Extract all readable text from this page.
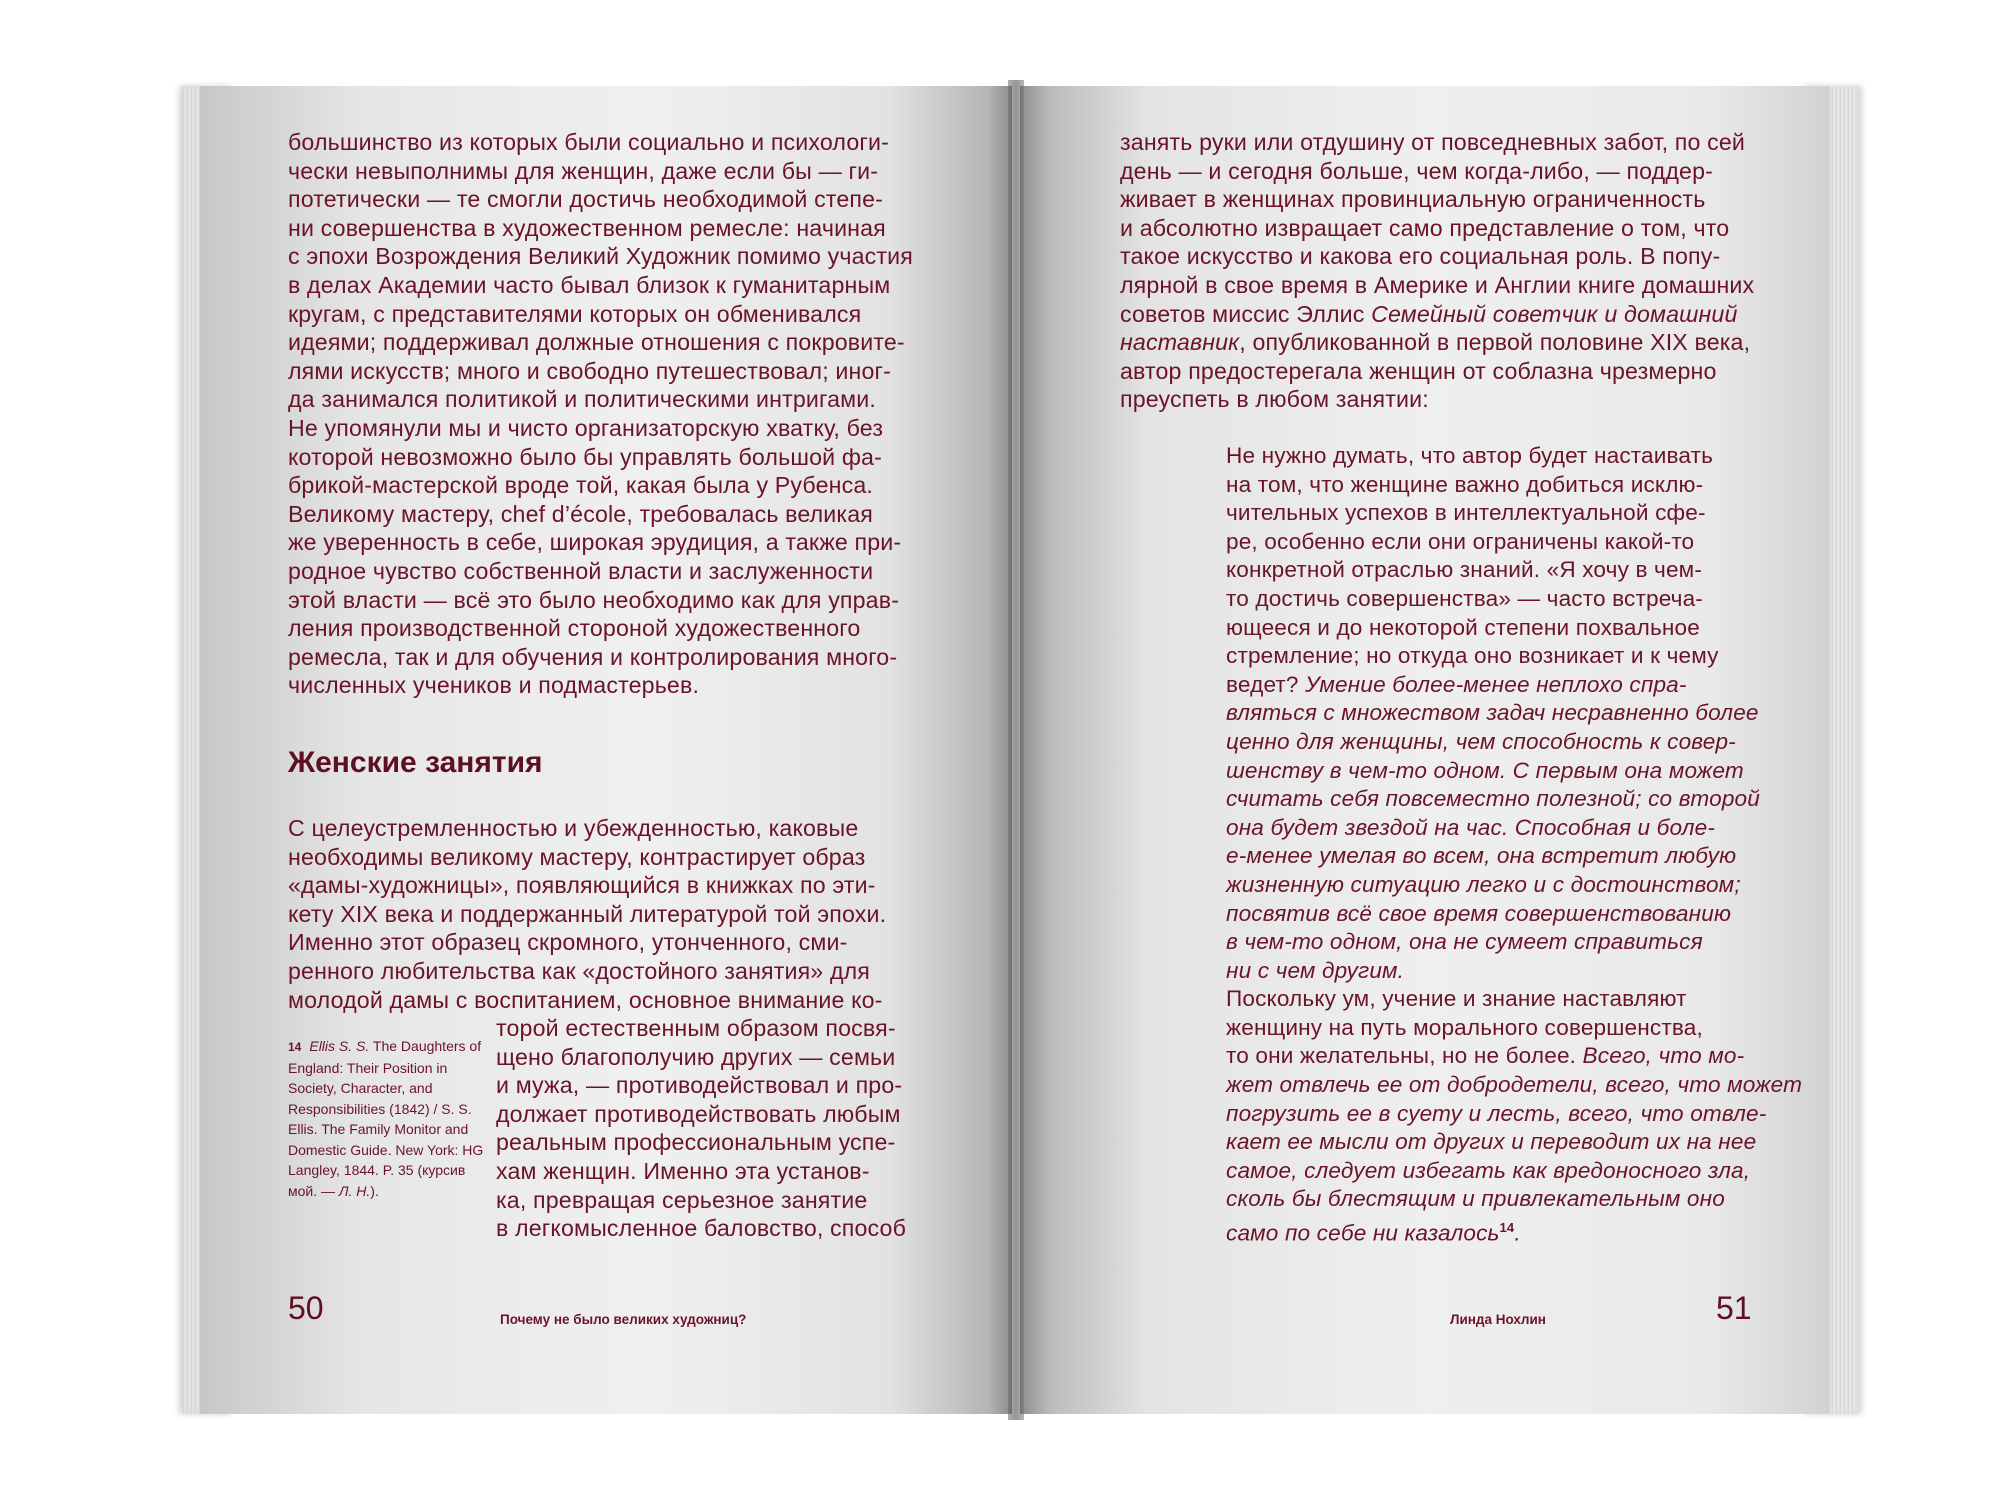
большинство из которых были социально и психологи-
чески невыполнимы для женщин, даже если бы — ги-
потетически — те смогли достичь необходимой степе-
ни совершенства в художественном ремесле: начиная
с эпохи Возрождения Великий Художник помимо участия
в делах Академии часто бывал близок к гуманитарным
кругам, с представителями которых он обменивался
идеями; поддерживал должные отношения с покровите-
лями искусств; много и свободно путешествовал; иног-
да занимался политикой и политическими интригами.
Не упомянули мы и чисто организаторскую хватку, без
которой невозможно было бы управлять большой фа-
брикой-мастерской вроде той, какая была у Рубенса.
Великому мастеру, chef d’école, требовалась великая
же уверенность в себе, широкая эрудиция, а также при-
родное чувство собственной власти и заслуженности
этой власти — всё это было необходимо как для управ-
ления производственной стороной художественного
ремесла, так и для обучения и контролирования много-
численных учеников и подмастерьев.

Женские занятия

С целеустремленностью и убежденностью, каковые
необходимы великому мастеру, контрастирует образ
«дамы-художницы», появляющийся в книжках по эти-
кету XIX века и поддержанный литературой той эпохи.
Именно этот образец скромного, утонченного, сми-
ренного любительства как «достойного занятия» для
молодой дамы с воспитанием, основное внимание ко-

14 Ellis S. S. The Daughters of England: Their Position in Society, Character, and Responsibilities (1842) / S. S. Ellis. The Family Monitor and Domestic Guide. New York: HG Langley, 1844. P. 35 (курсив мой. — Л. Н.).

торой естественным образом посвя-
щено благополучию других — семьи
и мужа, — противодействовал и про-
должает противодействовать любым
реальным профессиональным успе-
хам женщин. Именно эта установ-
ка, превращая серьезное занятие
в легкомысленное баловство, способ

50	Почему не было великих художниц?

занять руки или отдушину от повседневных забот, по сей
день — и сегодня больше, чем когда-либо, — поддер-
живает в женщинах провинциальную ограниченность
и абсолютно извращает само представление о том, что
такое искусство и какова его социальная роль. В попу-
лярной в свое время в Америке и Англии книге домашних
советов миссис Эллис Семейный советчик и домашний
наставник, опубликованной в первой половине XIX века,
автор предостерегала женщин от соблазна чрезмерно
преуспеть в любом занятии:

Не нужно думать, что автор будет настаивать
на том, что женщине важно добиться исклю-
чительных успехов в интеллектуальной сфе-
ре, особенно если они ограничены какой-то
конкретной отраслью знаний. «Я хочу в чем-
то достичь совершенства» — часто встреча-
ющееся и до некоторой степени похвальное
стремление; но откуда оно возникает и к чему
ведет? Умение более-менее неплохо спра-
вляться с множеством задач несравненно более
ценно для женщины, чем способность к совер-
шенству в чем-то одном. С первым она может
считать себя повсеместно полезной; со второй
она будет звездой на час. Способная и боле-
е-менее умелая во всем, она встретит любую
жизненную ситуацию легко и с достоинством;
посвятив всё свое время совершенствованию
в чем-то одном, она не сумеет справиться
ни с чем другим.
Поскольку ум, учение и знание наставляют
женщину на путь морального совершенства,
то они желательны, но не более. Всего, что мо-
жет отвлечь ее от добродетели, всего, что может
погрузить ее в суету и лесть, всего, что отвле-
кает ее мысли от других и переводит их на нее
самое, следует избегать как вредоносного зла,
сколь бы блестящим и привлекательным оно
само по себе ни казалось$^{14}$.

Линда Нохлин	51
